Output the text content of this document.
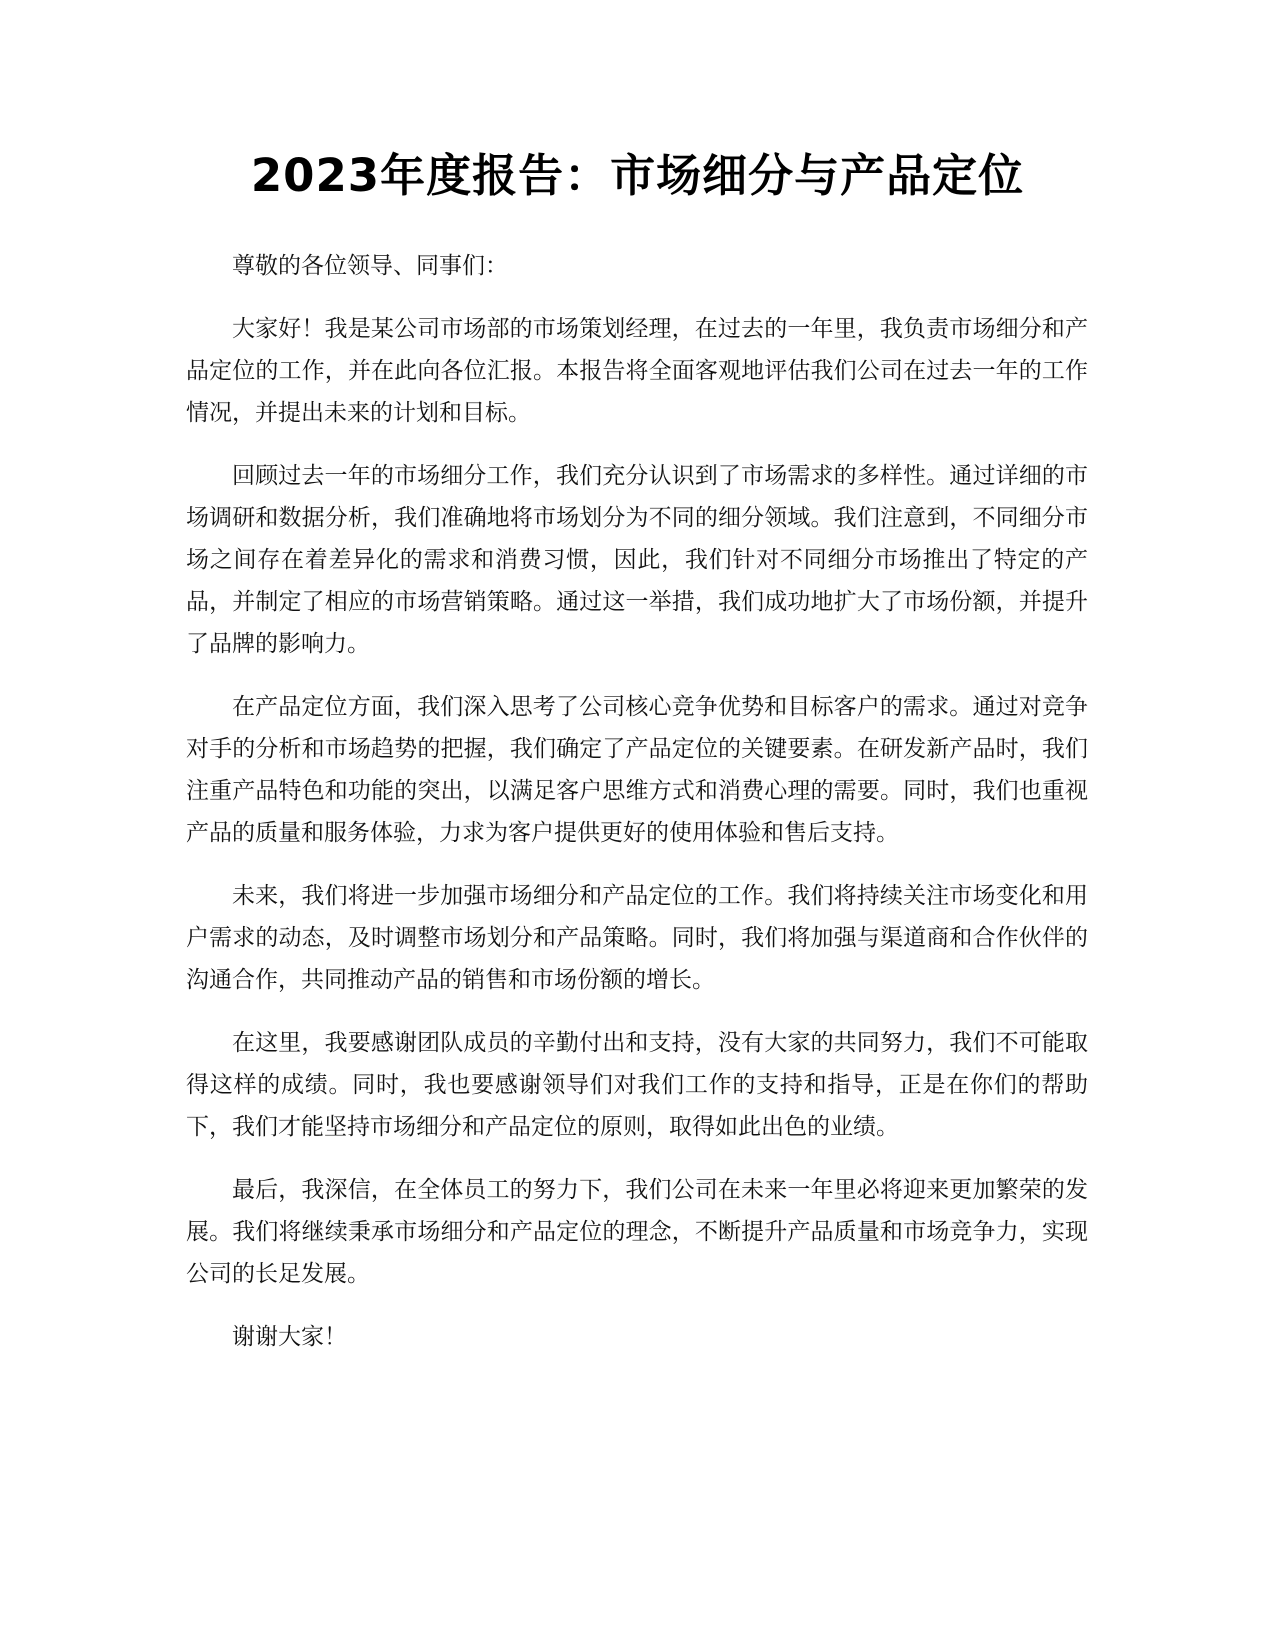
2023年度报告：市场细分与产品定位

尊敬的各位领导、同事们：

大家好！我是某公司市场部的市场策划经理，在过去的一年里，我负责市场细分和产品定位的工作，并在此向各位汇报。本报告将全面客观地评估我们公司在过去一年的工作情况，并提出未来的计划和目标。

回顾过去一年的市场细分工作，我们充分认识到了市场需求的多样性。通过详细的市场调研和数据分析，我们准确地将市场划分为不同的细分领域。我们注意到，不同细分市场之间存在着差异化的需求和消费习惯，因此，我们针对不同细分市场推出了特定的产品，并制定了相应的市场营销策略。通过这一举措，我们成功地扩大了市场份额，并提升了品牌的影响力。

在产品定位方面，我们深入思考了公司核心竞争优势和目标客户的需求。通过对竞争对手的分析和市场趋势的把握，我们确定了产品定位的关键要素。在研发新产品时，我们注重产品特色和功能的突出，以满足客户思维方式和消费心理的需要。同时，我们也重视产品的质量和服务体验，力求为客户提供更好的使用体验和售后支持。

未来，我们将进一步加强市场细分和产品定位的工作。我们将持续关注市场变化和用户需求的动态，及时调整市场划分和产品策略。同时，我们将加强与渠道商和合作伙伴的沟通合作，共同推动产品的销售和市场份额的增长。

在这里，我要感谢团队成员的辛勤付出和支持，没有大家的共同努力，我们不可能取得这样的成绩。同时，我也要感谢领导们对我们工作的支持和指导，正是在你们的帮助下，我们才能坚持市场细分和产品定位的原则，取得如此出色的业绩。

最后，我深信，在全体员工的努力下，我们公司在未来一年里必将迎来更加繁荣的发展。我们将继续秉承市场细分和产品定位的理念，不断提升产品质量和市场竞争力，实现公司的长足发展。

谢谢大家！
